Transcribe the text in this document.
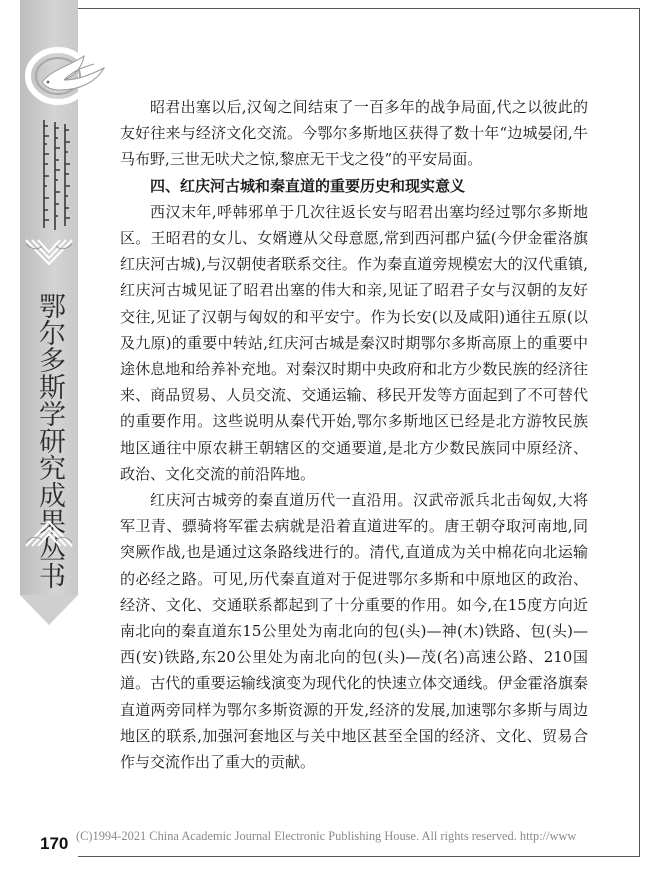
鄂尔多斯学研究成果丛书

昭君出塞以后,汉匈之间结束了一百多年的战争局面,代之以彼此的友好往来与经济文化交流。今鄂尔多斯地区获得了数十年“边城晏闭,牛马布野,三世无吠犬之惊,黎庶无干戈之役”的平安局面。

四、红庆河古城和秦直道的重要历史和现实意义

西汉末年,呼韩邪单于几次往返长安与昭君出塞均经过鄂尔多斯地区。王昭君的女儿、女婿遵从父母意愿,常到西河郡户猛(今伊金霍洛旗红庆河古城),与汉朝使者联系交往。作为秦直道旁规模宏大的汉代重镇,红庆河古城见证了昭君出塞的伟大和亲,见证了昭君子女与汉朝的友好交往,见证了汉朝与匈奴的和平安宁。作为长安(以及咸阳)通往五原(以及九原)的重要中转站,红庆河古城是秦汉时期鄂尔多斯高原上的重要中途休息地和给养补充地。对秦汉时期中央政府和北方少数民族的经济往来、商品贸易、人员交流、交通运输、移民开发等方面起到了不可替代的重要作用。这些说明从秦代开始,鄂尔多斯地区已经是北方游牧民族地区通往中原农耕王朝辖区的交通要道,是北方少数民族同中原经济、政治、文化交流的前沿阵地。

红庆河古城旁的秦直道历代一直沿用。汉武帝派兵北击匈奴,大将军卫青、骠骑将军霍去病就是沿着直道进军的。唐王朝夺取河南地,同突厥作战,也是通过这条路线进行的。清代,直道成为关中棉花向北运输的必经之路。可见,历代秦直道对于促进鄂尔多斯和中原地区的政治、经济、文化、交通联系都起到了十分重要的作用。如今,在15度方向近南北向的秦直道东15公里处为南北向的包(头)—神(木)铁路、包(头)—西(安)铁路,东20公里处为南北向的包(头)—茂(名)高速公路、210国道。古代的重要运输线演变为现代化的快速立体交通线。伊金霍洛旗秦直道两旁同样为鄂尔多斯资源的开发,经济的发展,加速鄂尔多斯与周边地区的联系,加强河套地区与关中地区甚至全国的经济、文化、贸易合作与交流作出了重大的贡献。

170 (C)1994-2021 China Academic Journal Electronic Publishing House. All rights reserved. http://www
